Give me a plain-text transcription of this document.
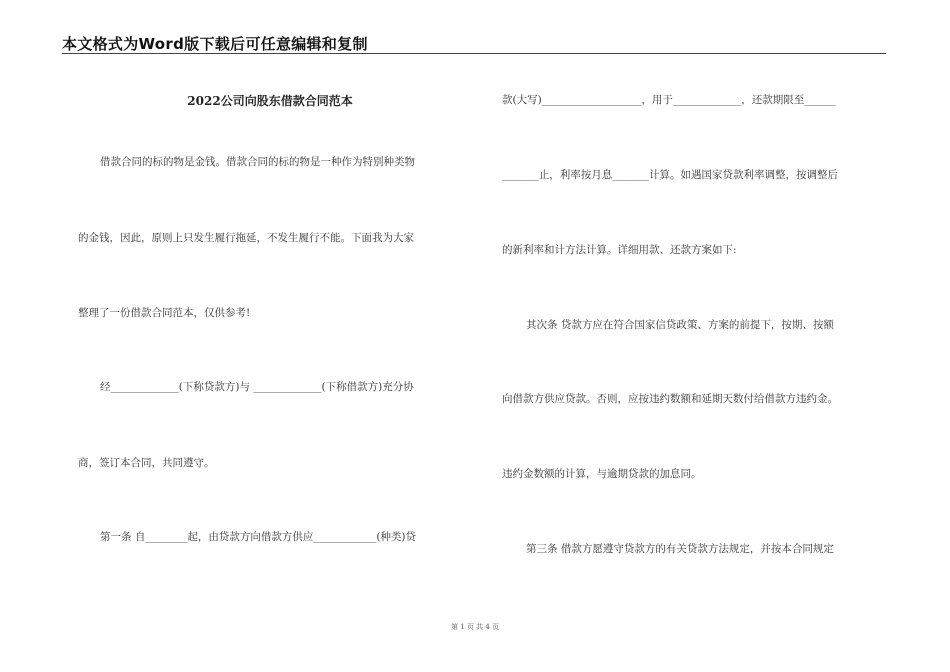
本文格式为Word版下载后可任意编辑和复制
2022公司向股东借款合同范本
借款合同的标的物是金钱。借款合同的标的物是一种作为特别种类物
的金钱，因此，原则上只发生履行拖延，不发生履行不能。下面我为大家
整理了一份借款合同范本，仅供参考!
经_____________(下称贷款方)与 _____________(下称借款方)充分协
商，签订本合同，共同遵守。
第一条 自________起，由贷款方向借款方供应____________(种类)贷
款(大写)___________________，用于_____________，还款期限至______
_______止，利率按月息_______计算。如遇国家贷款利率调整，按调整后
的新利率和计方法计算。详细用款、还款方案如下:
其次条 贷款方应在符合国家信贷政策、方案的前提下，按期、按额
向借款方供应贷款。否则，应按违约数额和延期天数付给借款方违约金。
违约金数额的计算，与逾期贷款的加息同。
第三条 借款方愿遵守贷款方的有关贷款方法规定，并按本合同规定
第 1 页 共 4 页
